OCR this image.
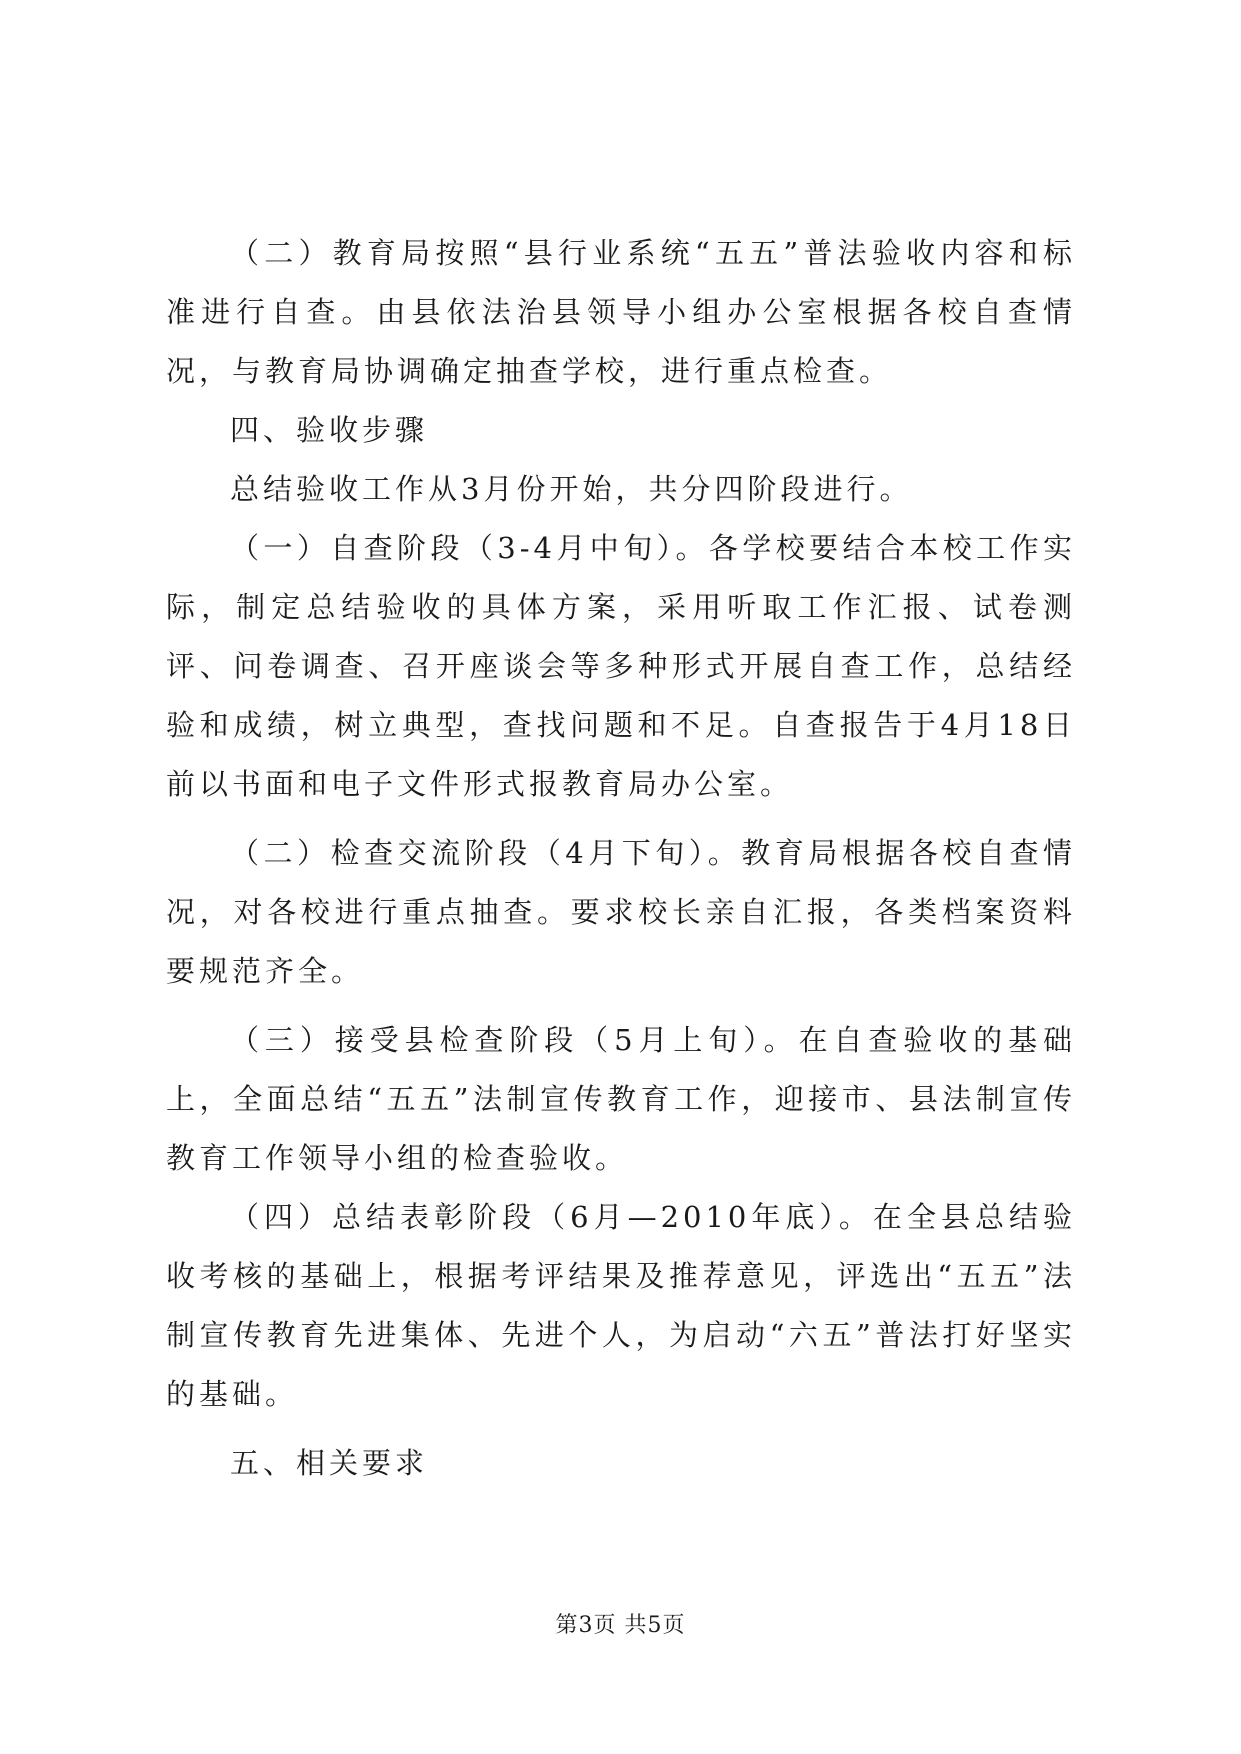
（二）教育局按照“县行业系统“五五”普法验收内容和标准进行自查。由县依法治县领导小组办公室根据各校自查情况，与教育局协调确定抽查学校，进行重点检查。

四、验收步骤

总结验收工作从3月份开始，共分四阶段进行。

（一）自查阶段（3-4月中旬）。各学校要结合本校工作实际，制定总结验收的具体方案，采用听取工作汇报、试卷测评、问卷调查、召开座谈会等多种形式开展自查工作，总结经验和成绩，树立典型，查找问题和不足。自查报告于4月18日前以书面和电子文件形式报教育局办公室。

（二）检查交流阶段（4月下旬）。教育局根据各校自查情况，对各校进行重点抽查。要求校长亲自汇报，各类档案资料要规范齐全。

（三）接受县检查阶段（5月上旬）。在自查验收的基础上，全面总结“五五”法制宣传教育工作，迎接市、县法制宣传教育工作领导小组的检查验收。

（四）总结表彰阶段（6月—2010年底）。在全县总结验收考核的基础上，根据考评结果及推荐意见，评选出“五五”法制宣传教育先进集体、先进个人，为启动“六五”普法打好坚实的基础。

五、相关要求

第3页 共5页
